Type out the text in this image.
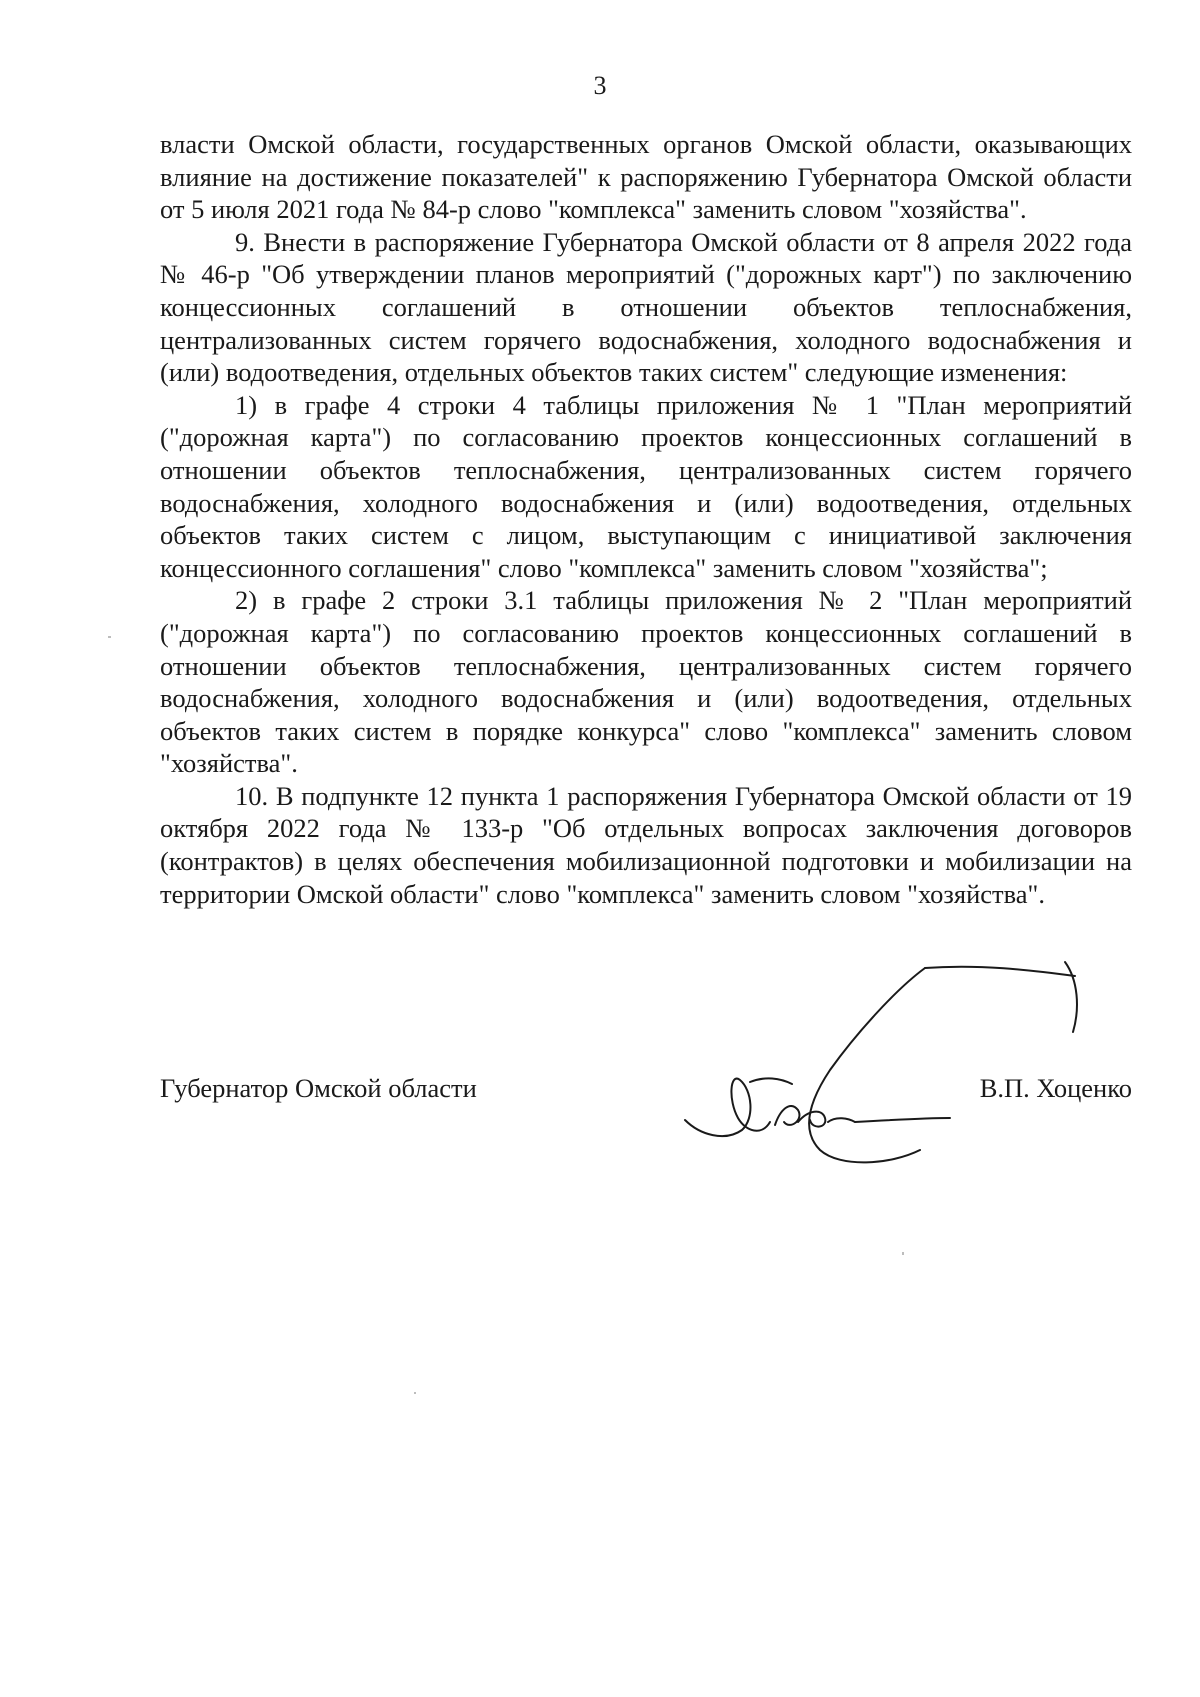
3

власти Омской области, государственных органов Омской области, оказывающих влияние на достижение показателей" к распоряжению Губернатора Омской области от 5 июля 2021 года № 84-р слово "комплекса" заменить словом "хозяйства".

9. Внести в распоряжение Губернатора Омской области от 8 апреля 2022 года № 46-р "Об утверждении планов мероприятий ("дорожных карт") по заключению концессионных соглашений в отношении объектов теплоснабжения, централизованных систем горячего водоснабжения, холодного водоснабжения и (или) водоотведения, отдельных объектов таких систем" следующие изменения:

1) в графе 4 строки 4 таблицы приложения № 1 "План мероприятий ("дорожная карта") по согласованию проектов концессионных соглашений в отношении объектов теплоснабжения, централизованных систем горячего водоснабжения, холодного водоснабжения и (или) водоотведения, отдельных объектов таких систем с лицом, выступающим с инициативой заключения концессионного соглашения" слово "комплекса" заменить словом "хозяйства";

2) в графе 2 строки 3.1 таблицы приложения № 2 "План мероприятий ("дорожная карта") по согласованию проектов концессионных соглашений в отношении объектов теплоснабжения, централизованных систем горячего водоснабжения, холодного водоснабжения и (или) водоотведения, отдельных объектов таких систем в порядке конкурса" слово "комплекса" заменить словом "хозяйства".

10. В подпункте 12 пункта 1 распоряжения Губернатора Омской области от 19 октября 2022 года № 133-р "Об отдельных вопросах заключения договоров (контрактов) в целях обеспечения мобилизационной подготовки и мобилизации на территории Омской области" слово "комплекса" заменить словом "хозяйства".

Губернатор Омской области	В.П. Хоценко
